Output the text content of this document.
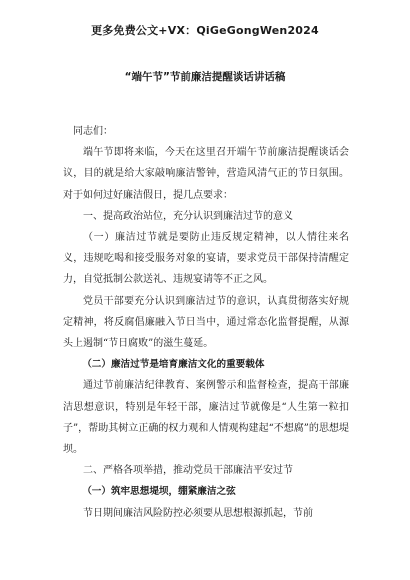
更多免费公文+VX：QiGeGongWen2024
“端午节”节前廉洁提醒谈话讲话稿

同志们：

端午节即将来临，今天在这里召开端午节前廉洁提醒谈话会议，目的就是给大家敲响廉洁警钟，营造风清气正的节日氛围。对于如何过好廉洁假日，提几点要求：

一、提高政治站位，充分认识到廉洁过节的意义

（一）廉洁过节就是要防止违反规定精神，以人情往来名义，违规吃喝和接受服务对象的宴请，要求党员干部保持清醒定力，自觉抵制公款送礼、违规宴请等不正之风。

党员干部要充分认识到廉洁过节的意识，认真贯彻落实好规定精神，将反腐倡廉融入节日当中，通过常态化监督提醒，从源头上遏制“节日腐败”的滋生蔓延。

（二）廉洁过节是培育廉洁文化的重要载体

通过节前廉洁纪律教育、案例警示和监督检查，提高干部廉洁思想意识，特别是年轻干部，廉洁过节就像是“人生第一粒扣子”，帮助其树立正确的权力观和人情观构建起“不想腐”的思想堤坝。

二、严格各项举措，推动党员干部廉洁平安过节

（一）筑牢思想堤坝，绷紧廉洁之弦

节日期间廉洁风险防控必须要从思想根源抓起，节前
